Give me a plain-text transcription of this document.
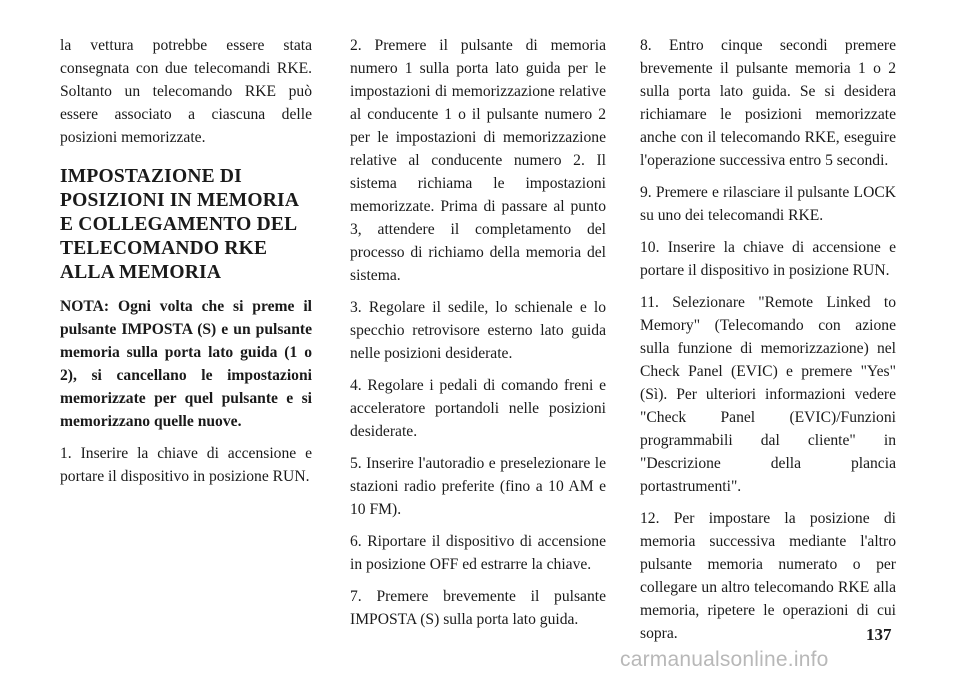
la vettura potrebbe essere stata consegnata con due telecomandi RKE. Soltanto un telecomando RKE può essere associato a ciascuna delle posizioni memorizzate.

IMPOSTAZIONE DI POSIZIONI IN MEMORIA E COLLEGAMENTO DEL TELECOMANDO RKE ALLA MEMORIA

NOTA: Ogni volta che si preme il pulsante IMPOSTA (S) e un pulsante memoria sulla porta lato guida (1 o 2), si cancellano le impostazioni memorizzate per quel pulsante e si memorizzano quelle nuove.

1. Inserire la chiave di accensione e portare il dispositivo in posizione RUN.

2. Premere il pulsante di memoria numero 1 sulla porta lato guida per le impostazioni di memorizzazione relative al conducente 1 o il pulsante numero 2 per le impostazioni di memorizzazione relative al conducente numero 2. Il sistema richiama le impostazioni memorizzate. Prima di passare al punto 3, attendere il completamento del processo di richiamo della memoria del sistema.

3. Regolare il sedile, lo schienale e lo specchio retrovisore esterno lato guida nelle posizioni desiderate.

4. Regolare i pedali di comando freni e acceleratore portandoli nelle posizioni desiderate.

5. Inserire l'autoradio e preselezionare le stazioni radio preferite (fino a 10 AM e 10 FM).

6. Riportare il dispositivo di accensione in posizione OFF ed estrarre la chiave.

7. Premere brevemente il pulsante IMPOSTA (S) sulla porta lato guida.

8. Entro cinque secondi premere brevemente il pulsante memoria 1 o 2 sulla porta lato guida. Se si desidera richiamare le posizioni memorizzate anche con il telecomando RKE, eseguire l'operazione successiva entro 5 secondi.

9. Premere e rilasciare il pulsante LOCK su uno dei telecomandi RKE.

10. Inserire la chiave di accensione e portare il dispositivo in posizione RUN.

11. Selezionare "Remote Linked to Memory" (Telecomando con azione sulla funzione di memorizzazione) nel Check Panel (EVIC) e premere "Yes" (Sì). Per ulteriori informazioni vedere "Check Panel (EVIC)/Funzioni programmabili dal cliente" in "Descrizione della plancia portastrumenti".

12. Per impostare la posizione di memoria successiva mediante l'altro pulsante memoria numerato o per collegare un altro telecomando RKE alla memoria, ripetere le operazioni di cui sopra.	137
carmanualsonline.info
